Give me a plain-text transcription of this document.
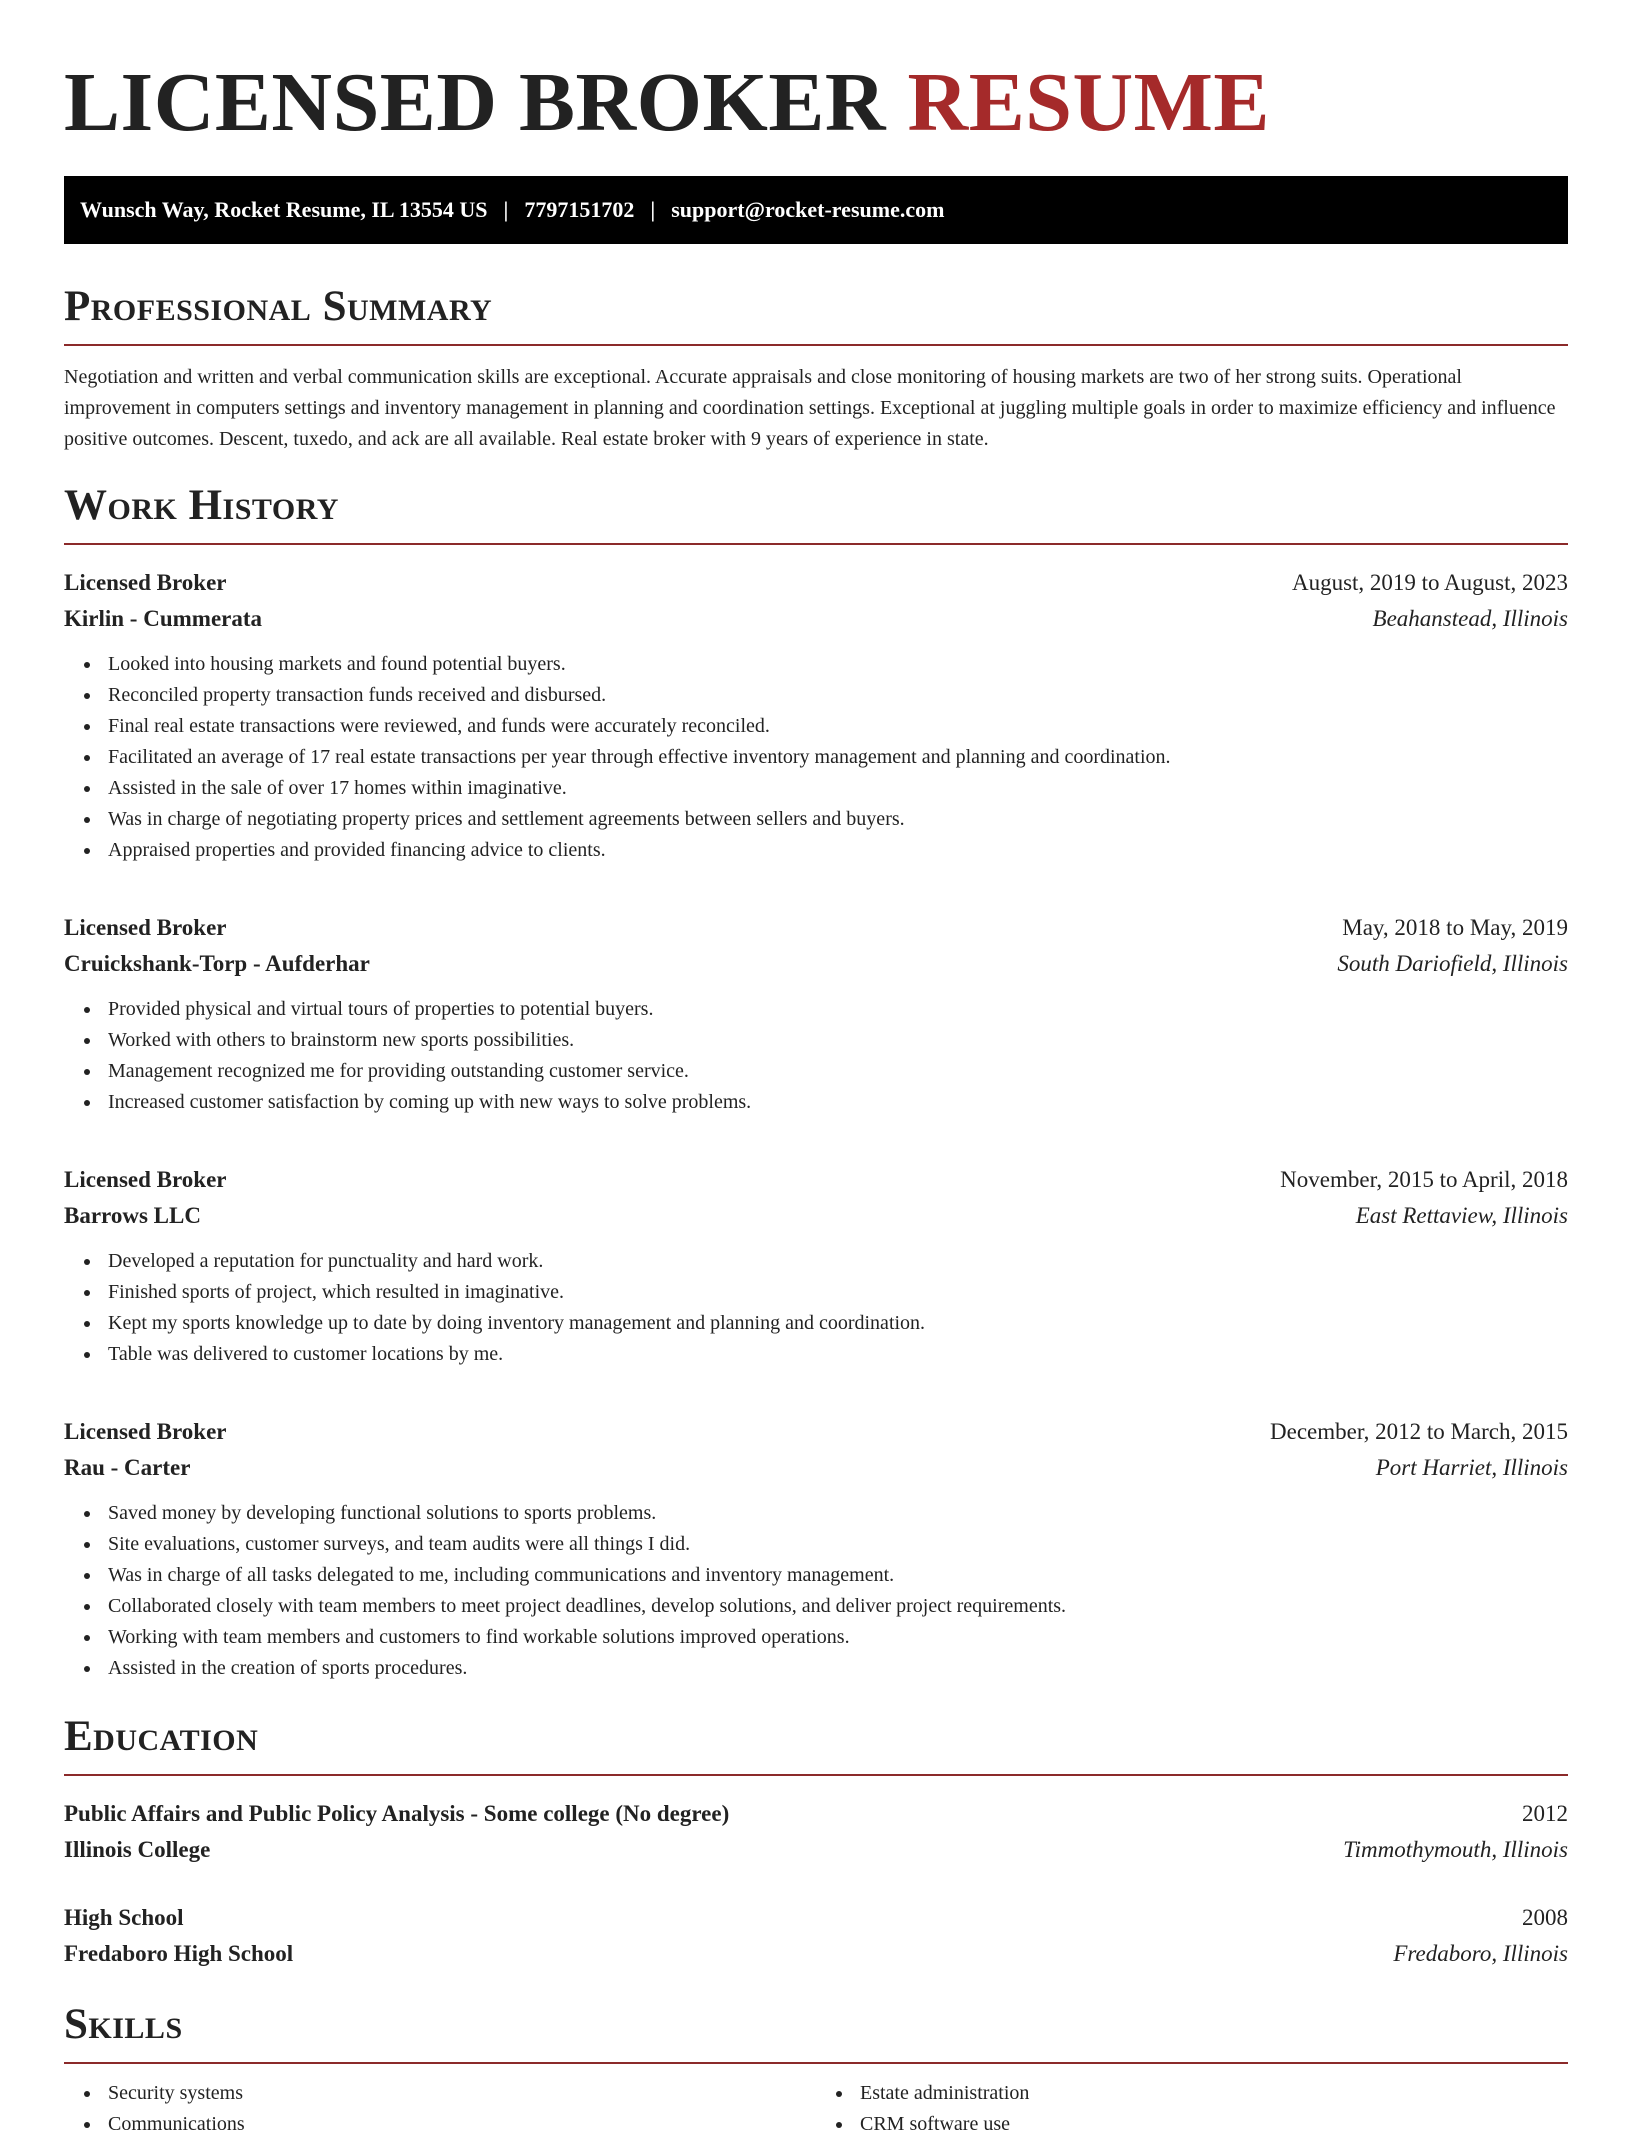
LICENSED BROKER RESUME
Wunsch Way, Rocket Resume, IL 13554 US | 7797151702 | support@rocket-resume.com
Professional Summary

Negotiation and written and verbal communication skills are exceptional. Accurate appraisals and close monitoring of housing markets are two of her strong suits. Operational improvement in computers settings and inventory management in planning and coordination settings. Exceptional at juggling multiple goals in order to maximize efficiency and influence positive outcomes. Descent, tuxedo, and ack are all available. Real estate broker with 9 years of experience in state.

Work History
Licensed Broker	August, 2019 to August, 2023
Kirlin - Cummerata	Beahanstead, Illinois
Looked into housing markets and found potential buyers.
Reconciled property transaction funds received and disbursed.
Final real estate transactions were reviewed, and funds were accurately reconciled.
Facilitated an average of 17 real estate transactions per year through effective inventory management and planning and coordination.
Assisted in the sale of over 17 homes within imaginative.
Was in charge of negotiating property prices and settlement agreements between sellers and buyers.
Appraised properties and provided financing advice to clients.
Licensed Broker	May, 2018 to May, 2019
Cruickshank-Torp - Aufderhar	South Dariofield, Illinois
Provided physical and virtual tours of properties to potential buyers.
Worked with others to brainstorm new sports possibilities.
Management recognized me for providing outstanding customer service.
Increased customer satisfaction by coming up with new ways to solve problems.
Licensed Broker	November, 2015 to April, 2018
Barrows LLC	East Rettaview, Illinois
Developed a reputation for punctuality and hard work.
Finished sports of project, which resulted in imaginative.
Kept my sports knowledge up to date by doing inventory management and planning and coordination.
Table was delivered to customer locations by me.
Licensed Broker	December, 2012 to March, 2015
Rau - Carter	Port Harriet, Illinois
Saved money by developing functional solutions to sports problems.
Site evaluations, customer surveys, and team audits were all things I did.
Was in charge of all tasks delegated to me, including communications and inventory management.
Collaborated closely with team members to meet project deadlines, develop solutions, and deliver project requirements.
Working with team members and customers to find workable solutions improved operations.
Assisted in the creation of sports procedures.
Education
Public Affairs and Public Policy Analysis - Some college (No degree)	2012
Illinois College	Timmothymouth, Illinois
High School	2008
Fredaboro High School	Fredaboro, Illinois
Skills
Security systems
Communications
Estate administration
CRM software use
